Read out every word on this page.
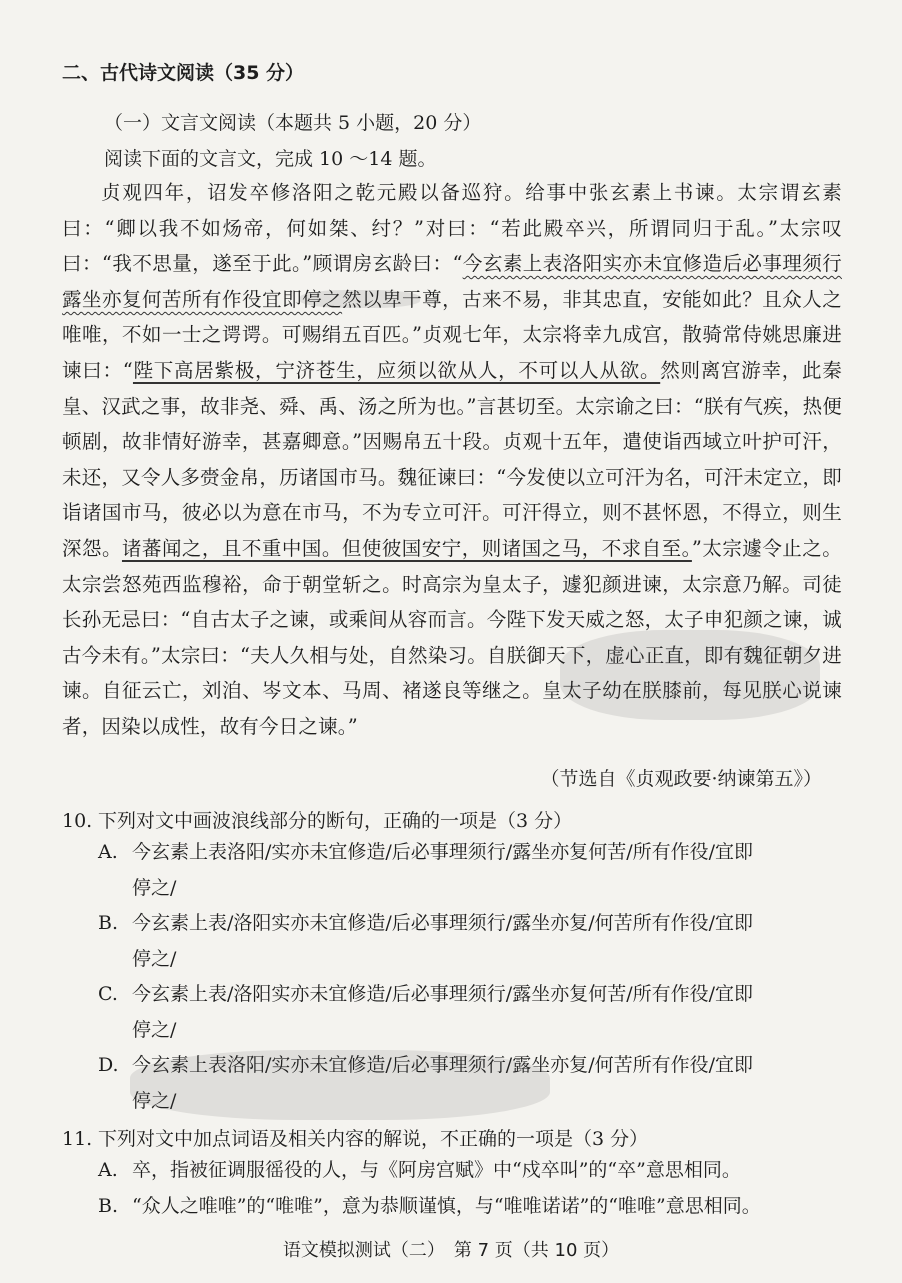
二、古代诗文阅读（35 分）
（一）文言文阅读（本题共 5 小题，20 分）
阅读下面的文言文，完成 10 ～14 题。

贞观四年，诏发卒修洛阳之乾元殿以备巡狩。给事中张玄素上书谏。太宗谓玄素曰：“卿以我不如炀帝，何如桀、纣？”对曰：“若此殿卒兴，所谓同归于乱。”太宗叹曰：“我不思量，遂至于此。”顾谓房玄龄曰：“今玄素上表洛阳实亦未宜修造后必事理须行露坐亦复何苦所有作役宜即停之然以卑干尊，古来不易，非其忠直，安能如此？且众人之唯唯，不如一士之谔谔。可赐绢五百匹。”贞观七年，太宗将幸九成宫，散骑常侍姚思廉进谏曰：“陛下高居紫极，宁济苍生，应须以欲从人，不可以人从欲。然则离宫游幸，此秦皇、汉武之事，故非尧、舜、禹、汤之所为也。”言甚切至。太宗谕之曰：“朕有气疾，热便顿剧，故非情好游幸，甚嘉卿意。”因赐帛五十段。贞观十五年，遣使诣西域立叶护可汗，未还，又令人多赍金帛，历诸国市马。魏征谏曰：“今发使以立可汗为名，可汗未定立，即诣诸国市马，彼必以为意在市马，不为专立可汗。可汗得立，则不甚怀恩，不得立，则生深怨。诸蕃闻之，且不重中国。但使彼国安宁，则诸国之马，不求自至。”太宗遽令止之。太宗尝怒苑西监穆裕，命于朝堂斩之。时高宗为皇太子，遽犯颜进谏，太宗意乃解。司徒长孙无忌曰：“自古太子之谏，或乘间从容而言。今陛下发天威之怒，太子申犯颜之谏，诚古今未有。”太宗曰：“夫人久相与处，自然染习。自朕御天下，虚心正直，即有魏征朝夕进谏。自征云亡，刘洎、岑文本、马周、褚遂良等继之。皇太子幼在朕膝前，每见朕心说谏者，因染以成性，故有今日之谏。”

（节选自《贞观政要·纳谏第五》）
10. 下列对文中画波浪线部分的断句，正确的一项是（3 分）
A. 今玄素上表洛阳/实亦未宜修造/后必事理须行/露坐亦复何苦/所有作役/宜即
停之/
B. 今玄素上表/洛阳实亦未宜修造/后必事理须行/露坐亦复/何苦所有作役/宜即
停之/
C. 今玄素上表/洛阳实亦未宜修造/后必事理须行/露坐亦复何苦/所有作役/宜即
停之/
D. 今玄素上表洛阳/实亦未宜修造/后必事理须行/露坐亦复/何苦所有作役/宜即
停之/
11. 下列对文中加点词语及相关内容的解说，不正确的一项是（3 分）
A. 卒，指被征调服徭役的人，与《阿房宫赋》中“戍卒叫”的“卒”意思相同。
B. “众人之唯唯”的“唯唯”，意为恭顺谨慎，与“唯唯诺诺”的“唯唯”意思相同。
语文模拟测试（二）　第 7 页（共 10 页）
